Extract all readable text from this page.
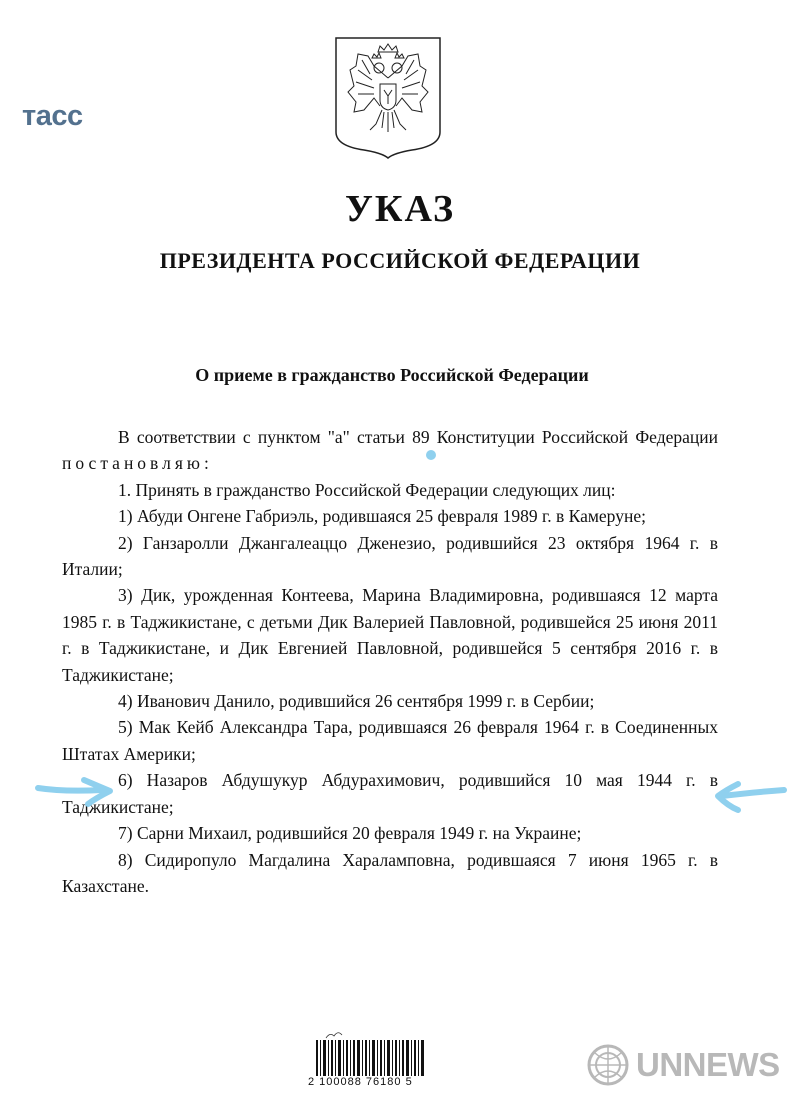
тасс
УКАЗ
ПРЕЗИДЕНТА РОССИЙСКОЙ ФЕДЕРАЦИИ
О приеме в гражданство Российской Федерации

В соответствии с пунктом "а" статьи 89 Конституции Российской Федерации постановляю:

1. Принять в гражданство Российской Федерации следующих лиц:

1) Абуди Онгене Габриэль, родившаяся 25 февраля 1989 г. в Камеруне;

2) Ганзаролли Джангалеаццо Дженезио, родившийся 23 октября 1964 г. в Италии;

3) Дик, урожденная Контеева, Марина Владимировна, родившаяся 12 марта 1985 г. в Таджикистане, с детьми Дик Валерией Павловной, родившейся 25 июня 2011 г. в Таджикистане, и Дик Евгенией Павловной, родившейся 5 сентября 2016 г. в Таджикистане;

4) Иванович Данило, родившийся 26 сентября 1999 г. в Сербии;

5) Мак Кейб Александра Тара, родившаяся 26 февраля 1964 г. в Соединенных Штатах Америки;

6) Назаров Абдушукур Абдурахимович, родившийся 10 мая 1944 г. в Таджикистане;

7) Сарни Михаил, родившийся 20 февраля 1949 г. на Украине;

8) Сидиропуло Магдалина Хараламповна, родившаяся 7 июня 1965 г. в Казахстане.

2 100088 76180 5	UNNEWS
